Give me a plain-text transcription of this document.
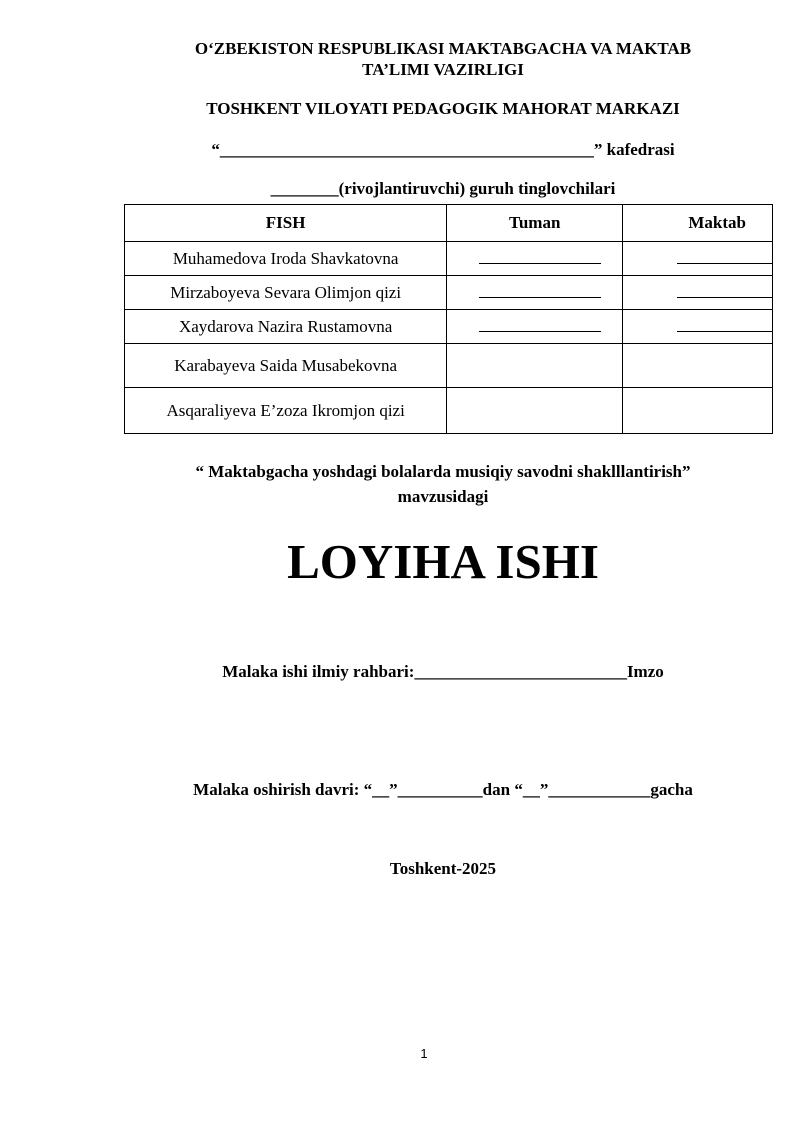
O‘ZBEKISTON RESPUBLIKASI MAKTABGACHA VA MAKTAB
TA’LIMI VAZIRLIGI
TOSHKENT VILOYATI PEDAGOGIK MAHORAT MARKAZI
“____________________________________________” kafedrasi
________(rivojlantiruvchi) guruh tinglovchilari
FISH	Tuman	Maktab
Muhamedova Iroda Shavkatovna		
Mirzaboyeva Sevara Olimjon qizi		
Xaydarova Nazira Rustamovna		
Karabayeva Saida Musabekovna		
Asqaraliyeva E’zoza Ikromjon qizi		
“ Maktabgacha yoshdagi bolalarda musiqiy savodni shaklllantirish”
mavzusidagi
LOYIHA ISHI
Malaka ishi ilmiy rahbari:_________________________Imzo
Malaka oshirish davri: “__”__________dan “__”____________gacha
Toshkent-2025
1
